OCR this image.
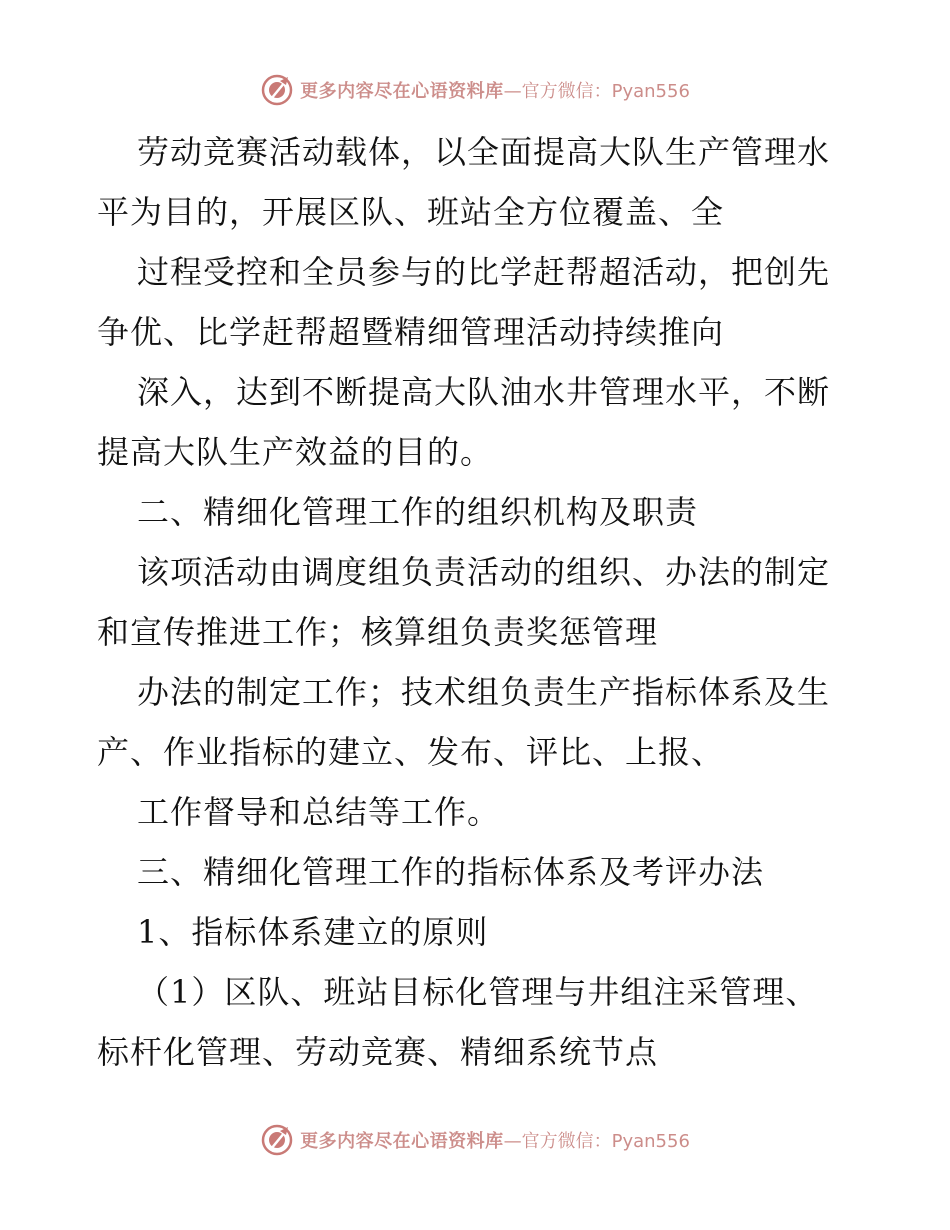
更多内容尽在心语资料库 —官方微信：Pyan556
劳动竞赛活动载体，以全面提高大队生产管理水
平为目的，开展区队、班站全方位覆盖、全
过程受控和全员参与的比学赶帮超活动，把创先
争优、比学赶帮超暨精细管理活动持续推向
深入，达到不断提高大队油水井管理水平，不断
提高大队生产效益的目的。
二、精细化管理工作的组织机构及职责
该项活动由调度组负责活动的组织、办法的制定
和宣传推进工作；核算组负责奖惩管理
办法的制定工作；技术组负责生产指标体系及生
产、作业指标的建立、发布、评比、上报、
工作督导和总结等工作。
三、精细化管理工作的指标体系及考评办法
1、指标体系建立的原则
（1）区队、班站目标化管理与井组注采管理、
标杆化管理、劳动竞赛、精细系统节点
更多内容尽在心语资料库 —官方微信：Pyan556
